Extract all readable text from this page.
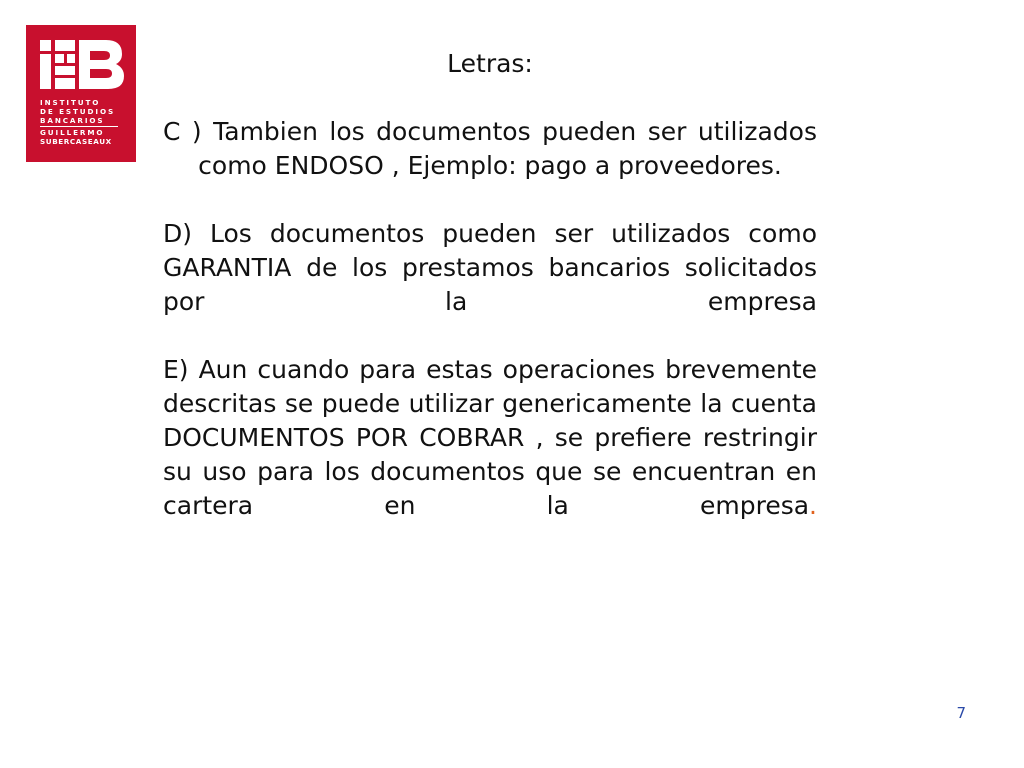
INSTITUTO
DE ESTUDIOS
BANCARIOS
GUILLERMO
SUBERCASEAUX

Letras:

C ) Tambien los documentos pueden ser utilizados como ENDOSO , Ejemplo: pago a proveedores.

D) Los documentos pueden ser utilizados como GARANTIA de los prestamos bancarios solicitados por la empresa

E) Aun cuando para estas operaciones brevemente descritas se puede utilizar genericamente la cuenta DOCUMENTOS POR COBRAR , se prefiere restringir su uso para los documentos que se encuentran en cartera en la empresa.

7
